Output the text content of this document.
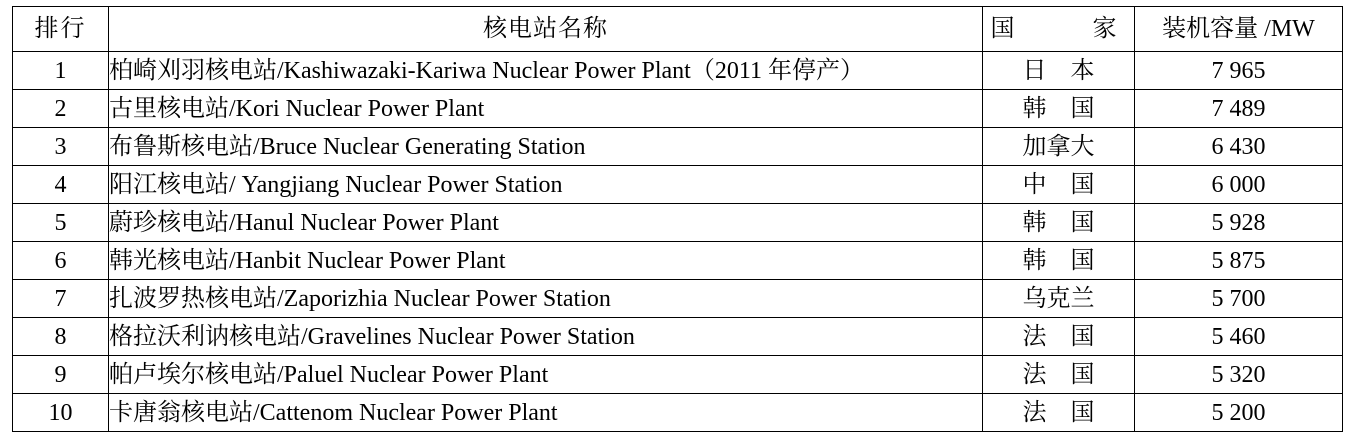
排行	核电站名称	国　　家	装机容量 /MW
1	柏崎刈羽核电站/Kashiwazaki-Kariwa Nuclear Power Plant（2011 年停产）	日　本	7 965
2	古里核电站/Kori Nuclear Power Plant	韩　国	7 489
3	布鲁斯核电站/Bruce Nuclear Generating Station	加拿大	6 430
4	阳江核电站/ Yangjiang Nuclear Power Station	中　国	6 000
5	蔚珍核电站/Hanul Nuclear Power Plant	韩　国	5 928
6	韩光核电站/Hanbit Nuclear Power Plant	韩　国	5 875
7	扎波罗热核电站/Zaporizhia Nuclear Power Station	乌克兰	5 700
8	格拉沃利讷核电站/Gravelines Nuclear Power Station	法　国	5 460
9	帕卢埃尔核电站/Paluel Nuclear Power Plant	法　国	5 320
10	卡唐翁核电站/Cattenom Nuclear Power Plant	法　国	5 200
